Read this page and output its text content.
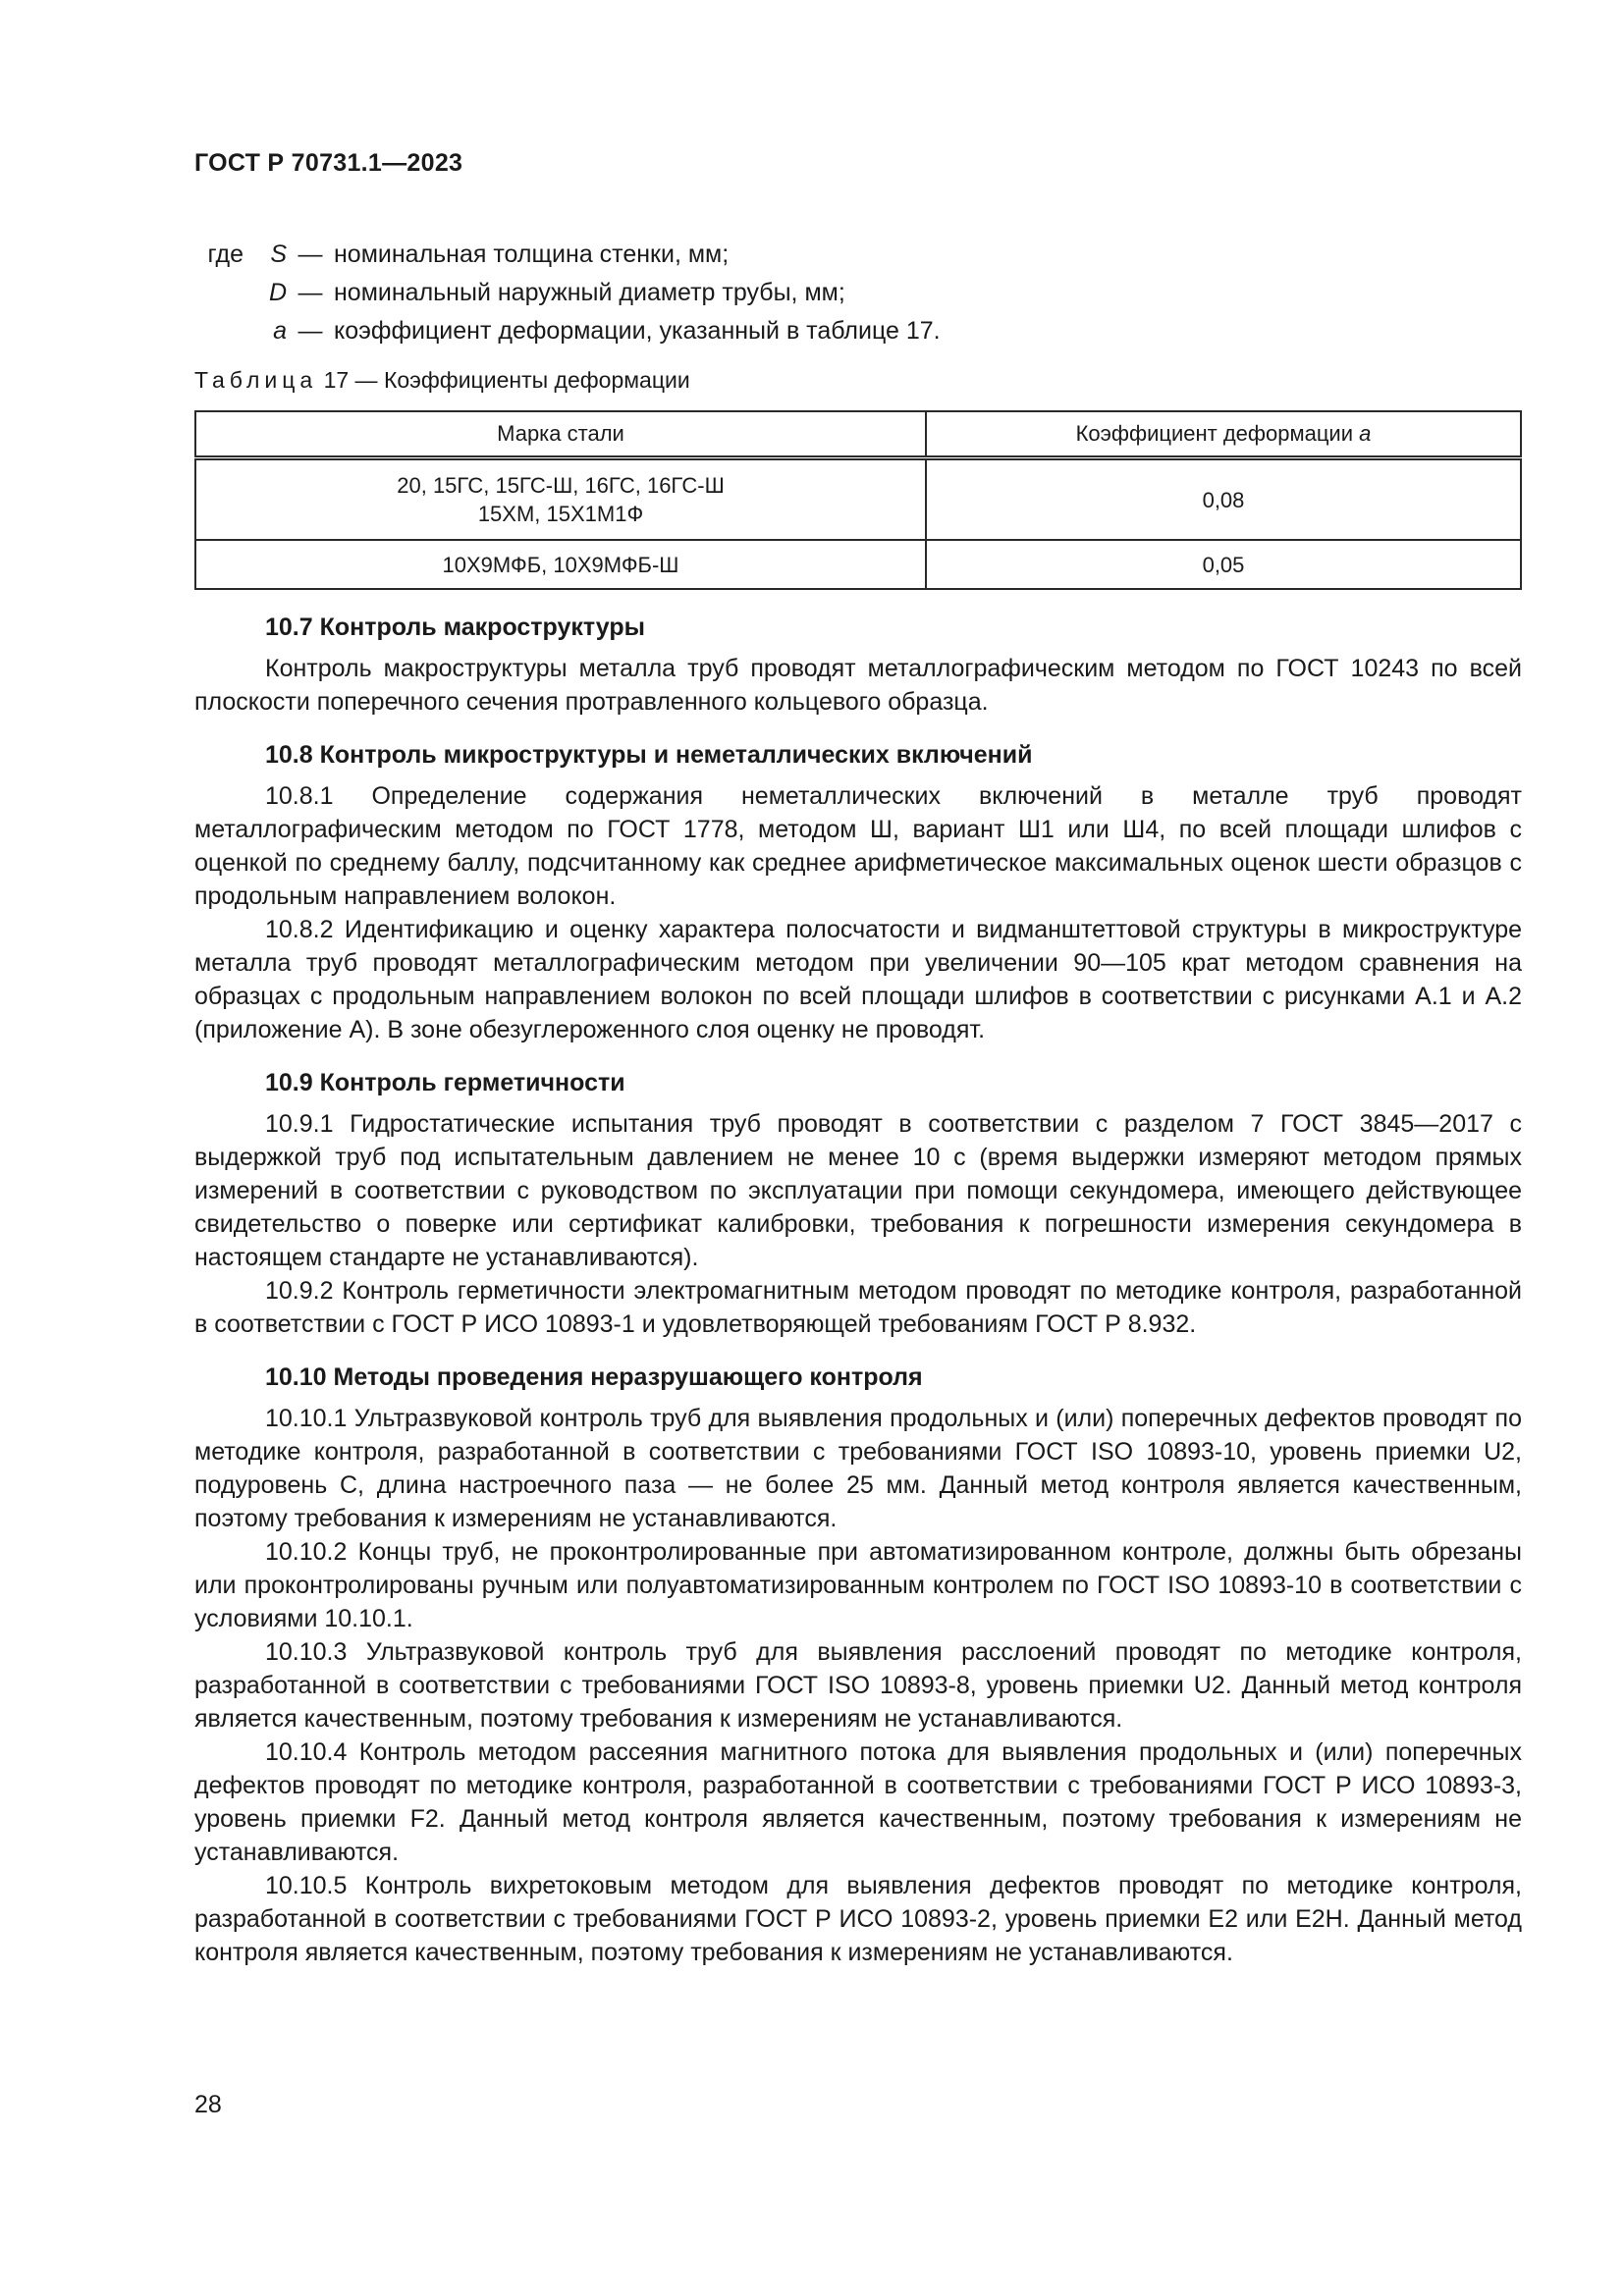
ГОСТ Р 70731.1—2023
где	S — номинальная толщина стенки, мм;
D — номинальный наружный диаметр трубы, мм;
a — коэффициент деформации, указанный в таблице 17.
Таблица 17 — Коэффициенты деформации
Марка стали	Коэффициент деформации a

20, 15ГС, 15ГС-Ш, 16ГС, 16ГС-Ш
15ХМ, 15Х1М1Ф	0,08
10Х9МФБ, 10Х9МФБ-Ш	0,05
10.7 Контроль макроструктуры

Контроль макроструктуры металла труб проводят металлографическим методом по ГОСТ 10243 по всей плоскости поперечного сечения протравленного кольцевого образца.

10.8 Контроль микроструктуры и неметаллических включений

10.8.1 Определение содержания неметаллических включений в металле труб проводят металлографическим методом по ГОСТ 1778, методом Ш, вариант Ш1 или Ш4, по всей площади шлифов с оценкой по среднему баллу, подсчитанному как среднее арифметическое максимальных оценок шести образцов с продольным направлением волокон.

10.8.2 Идентификацию и оценку характера полосчатости и видманштеттовой структуры в микроструктуре металла труб проводят металлографическим методом при увеличении 90—105 крат методом сравнения на образцах с продольным направлением волокон по всей площади шлифов в соответствии с рисунками А.1 и А.2 (приложение А). В зоне обезуглероженного слоя оценку не проводят.

10.9 Контроль герметичности

10.9.1 Гидростатические испытания труб проводят в соответствии с разделом 7 ГОСТ 3845—2017 с выдержкой труб под испытательным давлением не менее 10 с (время выдержки измеряют методом прямых измерений в соответствии с руководством по эксплуатации при помощи секундомера, имеющего действующее свидетельство о поверке или сертификат калибровки, требования к погрешности измерения секундомера в настоящем стандарте не устанавливаются).

10.9.2 Контроль герметичности электромагнитным методом проводят по методике контроля, разработанной в соответствии с ГОСТ Р ИСО 10893-1 и удовлетворяющей требованиям ГОСТ Р 8.932.

10.10 Методы проведения неразрушающего контроля

10.10.1 Ультразвуковой контроль труб для выявления продольных и (или) поперечных дефектов проводят по методике контроля, разработанной в соответствии с требованиями ГОСТ ISO 10893-10, уровень приемки U2, подуровень С, длина настроечного паза — не более 25 мм. Данный метод контроля является качественным, поэтому требования к измерениям не устанавливаются.

10.10.2 Концы труб, не проконтролированные при автоматизированном контроле, должны быть обрезаны или проконтролированы ручным или полуавтоматизированным контролем по ГОСТ ISO 10893-10 в соответствии с условиями 10.10.1.

10.10.3 Ультразвуковой контроль труб для выявления расслоений проводят по методике контроля, разработанной в соответствии с требованиями ГОСТ ISO 10893-8, уровень приемки U2. Данный метод контроля является качественным, поэтому требования к измерениям не устанавливаются.

10.10.4 Контроль методом рассеяния магнитного потока для выявления продольных и (или) поперечных дефектов проводят по методике контроля, разработанной в соответствии с требованиями ГОСТ Р ИСО 10893-3, уровень приемки F2. Данный метод контроля является качественным, поэтому требования к измерениям не устанавливаются.

10.10.5 Контроль вихретоковым методом для выявления дефектов проводят по методике контроля, разработанной в соответствии с требованиями ГОСТ Р ИСО 10893-2, уровень приемки Е2 или Е2Н. Данный метод контроля является качественным, поэтому требования к измерениям не устанавливаются.

28
